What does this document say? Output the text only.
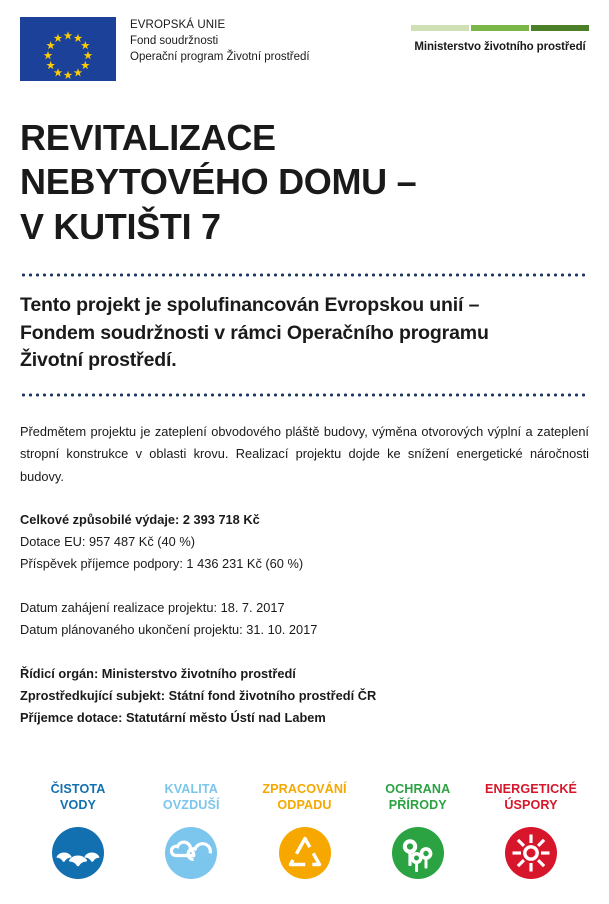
EVROPSKÁ UNIE
Fond soudržnosti
Operační program Životní prostředí
Ministerstvo životního prostředí
REVITALIZACE
NEBYTOVÉHO DOMU –
V KUTIŠTI 7
Tento projekt je spolufinancován Evropskou unií –
Fondem soudržnosti v rámci Operačního programu
Životní prostředí.

Předmětem projektu je zateplení obvodového pláště budovy, výměna otvorových výplní a zateplení stropní konstrukce v oblasti krovu. Realizací projektu dojde ke snížení energetické náročnosti budovy.

Celkové způsobilé výdaje: 2 393 718 Kč
Dotace EU: 957 487 Kč (40 %)
Příspěvek příjemce podpory: 1 436 231 Kč (60 %)
Datum zahájení realizace projektu: 18. 7. 2017
Datum plánovaného ukončení projektu: 31. 10. 2017
Řídicí orgán: Ministerstvo životního prostředí
Zprostředkující subjekt: Státní fond životního prostředí ČR
Příjemce dotace: Statutární město Ústí nad Labem
ČISTOTA
VODY
KVALITA
OVZDUŠÍ
ZPRACOVÁNÍ
ODPADU
OCHRANA
PŘÍRODY
ENERGETICKÉ
ÚSPORY
